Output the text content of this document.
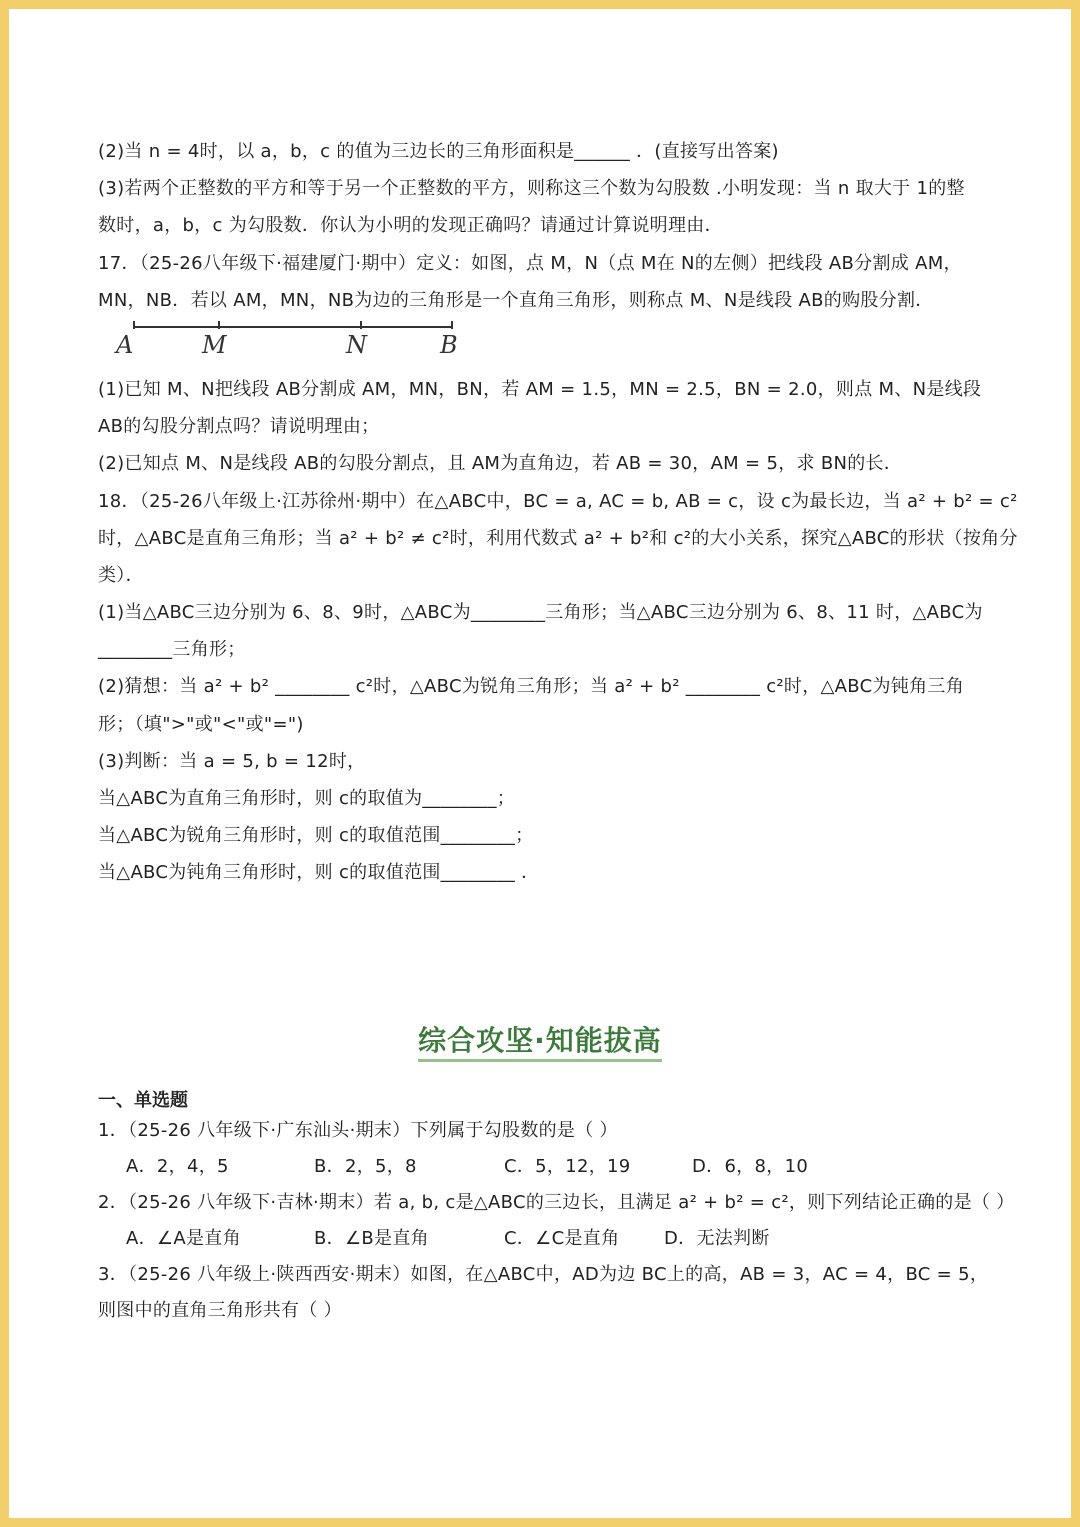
(2)当 n = 4时，以 a，b，c 的值为三边长的三角形面积是______ ．(直接写出答案)
(3)若两个正整数的平方和等于另一个正整数的平方，则称这三个数为勾股数 .小明发现：当 n 取大于 1的整
数时，a，b，c 为勾股数．你认为小明的发现正确吗？请通过计算说明理由．
17．（25-26八年级下·福建厦门·期中）定义：如图，点 M，N（点 M在 N的左侧）把线段 AB分割成 AM，
MN，NB．若以 AM，MN，NB为边的三角形是一个直角三角形，则称点 M、N是线段 AB的购股分割．
A	M	N	B
(1)已知 M、N把线段 AB分割成 AM，MN，BN，若 AM = 1.5，MN = 2.5，BN = 2.0，则点 M、N是线段
AB的勾股分割点吗？请说明理由；
(2)已知点 M、N是线段 AB的勾股分割点，且 AM为直角边，若 AB = 30，AM = 5，求 BN的长．
18．（25-26八年级上·江苏徐州·期中）在△ABC中，BC = a, AC = b, AB = c，设 c为最长边，当 a² + b² = c²
时，△ABC是直角三角形；当 a² + b² ≠ c²时，利用代数式 a² + b²和 c²的大小关系，探究△ABC的形状（按角分
类）．
(1)当△ABC三边分别为 6、8、9时，△ABC为________三角形；当△ABC三边分别为 6、8、11 时，△ABC为
________三角形；
(2)猜想：当 a² + b² ________ c²时，△ABC为锐角三角形；当 a² + b² ________ c²时，△ABC为钝角三角
形；（填">"或"<"或"=")
(3)判断：当 a = 5, b = 12时，
当△ABC为直角三角形时，则 c的取值为________；
当△ABC为锐角三角形时，则 c的取值范围________；
当△ABC为钝角三角形时，则 c的取值范围________ ．
综合攻坚·知能拔高
一、单选题
1．（25-26 八年级下·广东汕头·期末）下列属于勾股数的是（ ）
A．2，4，5	B．2，5，8	C．5，12，19	D．6，8，10
2．（25-26 八年级下·吉林·期末）若 a, b, c是△ABC的三边长，且满足 a² + b² = c²，则下列结论正确的是（ ）
A．∠A是直角	B．∠B是直角	C．∠C是直角 D．无法判断
3．（25-26 八年级上·陕西西安·期末）如图，在△ABC中，AD为边 BC上的高，AB = 3，AC = 4，BC = 5，
则图中的直角三角形共有（ ）
